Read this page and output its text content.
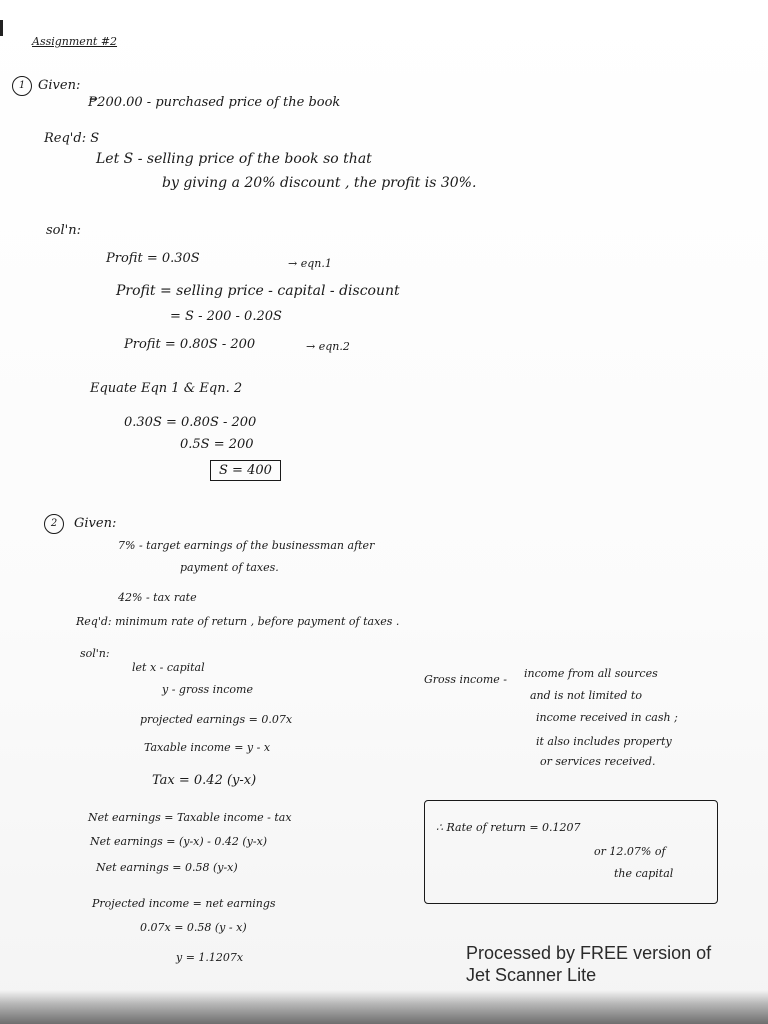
Assignment #2
1 Given:
₱200.00 - purchased price of the book
Req'd: S
Let S - selling price of the book so that
by giving a 20% discount , the profit is 30%.
sol'n:
Profit = 0.30S	→ eqn.1
Profit = selling price - capital - discount
= S - 200 - 0.20S
Profit = 0.80S - 200	→ eqn.2
Equate Eqn 1 & Eqn. 2
0.30S = 0.80S - 200
0.5S = 200
S = 400
2	Given:
7% - target earnings of the businessman after
payment of taxes.
42% - tax rate
Req'd: minimum rate of return , before payment of taxes .
sol'n:
let x - capital
y - gross income
projected earnings = 0.07x
Taxable income = y - x
Tax = 0.42 (y-x)
Gross income - income from all sources
and is not limited to
income received in cash ;
it also includes property
or services received.
Net earnings = Taxable income - tax
Net earnings = (y-x) - 0.42 (y-x)
Net earnings = 0.58 (y-x)
Projected income = net earnings
0.07x = 0.58 (y - x)
y = 1.1207x
∴ Rate of return = 0.1207
or 12.07% of
the capital
Processed by FREE version of
Jet Scanner Lite
